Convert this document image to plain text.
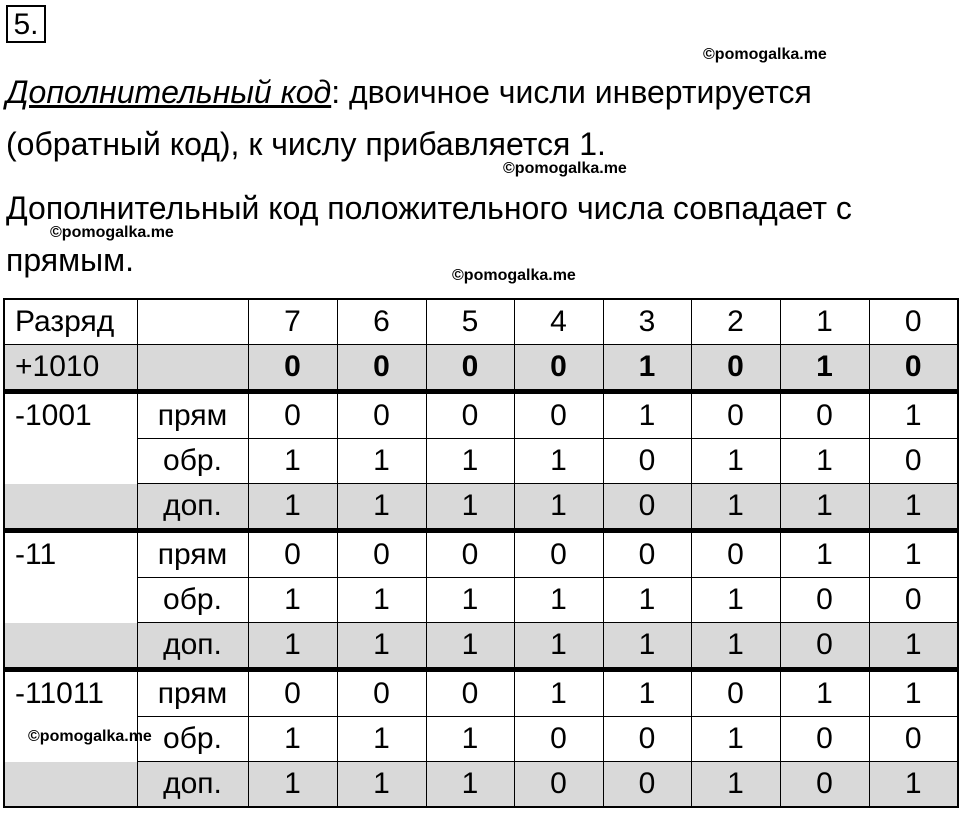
5.
©pomogalka.me
Дополнительный код: двоичное числи инвертируется
(обратный код), к числу прибавляется 1.
©pomogalka.me
Дополнительный код положительного числа совпадает с
©pomogalka.me
прямым.	©pomogalka.me
Разряд		7	6	5	4	3	2	1	0
+1010		0	0	0	0	1	0	1	0
-1001	прям	0	0	0	0	1	0	0	1
	обр.	1	1	1	1	0	1	1	0
	доп.	1	1	1	1	0	1	1	1
-11	прям	0	0	0	0	0	0	1	1
	обр.	1	1	1	1	1	1	0	0
	доп.	1	1	1	1	1	1	0	1
-11011	прям	0	0	0	1	1	0	1	1
	обр.	1	1	1	0	0	1	0	0
	доп.	1	1	1	0	0	1	0	1
©pomogalka.me
